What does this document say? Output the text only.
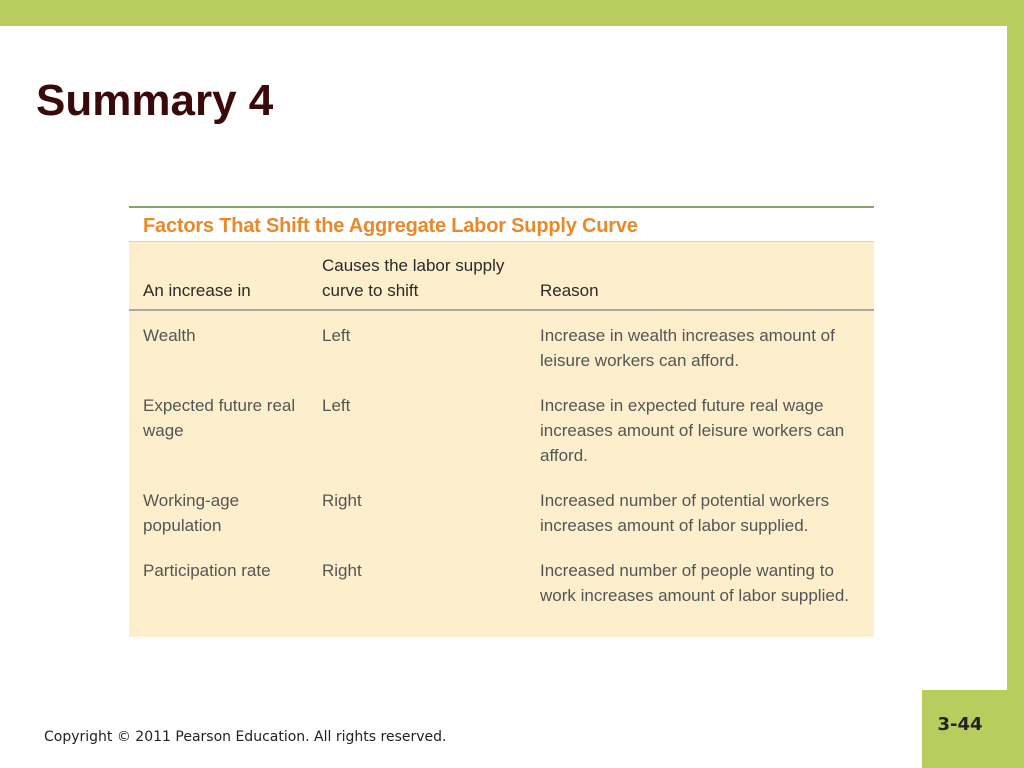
Summary 4
Factors That Shift the Aggregate Labor Supply Curve
An increase in	Causes the labor supply curve to shift	Reason
Wealth	Left	Increase in wealth increases amount of leisure workers can afford.
Expected future real wage	Left	Increase in expected future real wage increases amount of leisure workers can afford.
Working-age population	Right	Increased number of potential workers increases amount of labor supplied.
Participation rate	Right	Increased number of people wanting to work increases amount of labor supplied.
Copyright © 2011 Pearson Education. All rights reserved.
3-44
